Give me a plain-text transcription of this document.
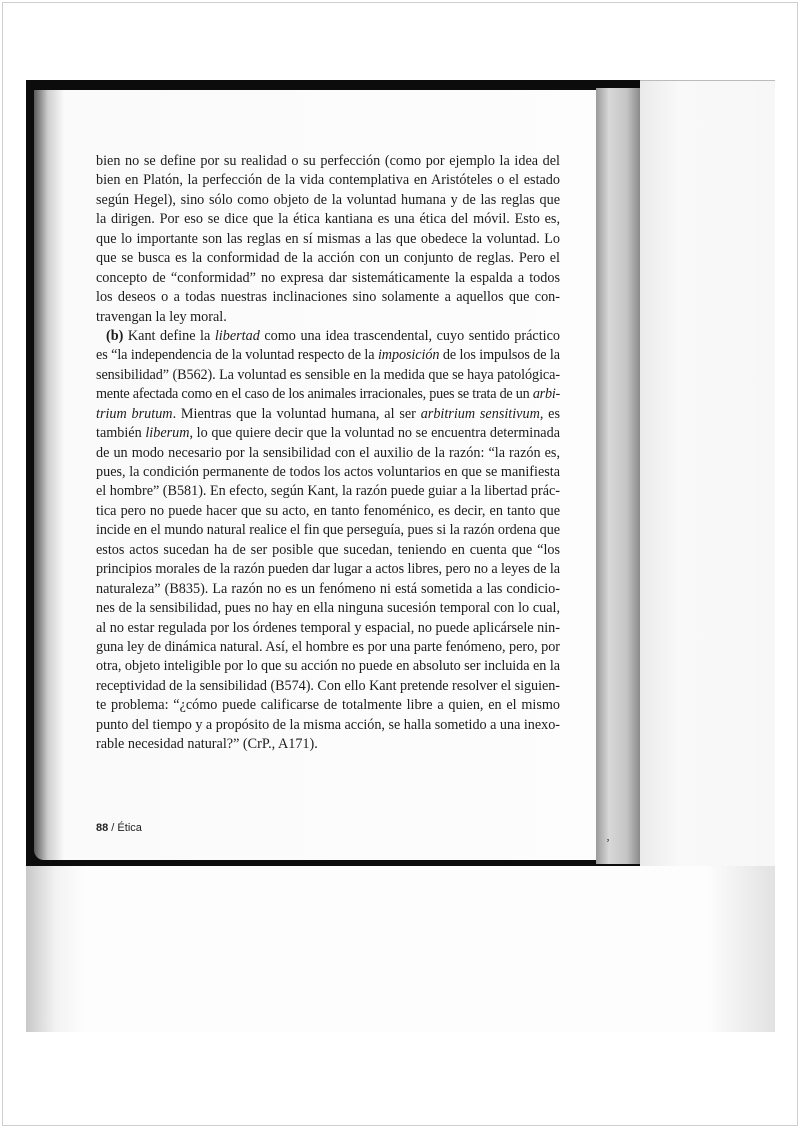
bien no se define por su realidad o su perfección (como por ejemplo la idea del
bien en Platón, la perfección de la vida contemplativa en Aristóteles o el estado
según Hegel), sino sólo como objeto de la voluntad humana y de las reglas que
la dirigen. Por eso se dice que la ética kantiana es una ética del móvil. Esto es,
que lo importante son las reglas en sí mismas a las que obedece la voluntad. Lo
que se busca es la conformidad de la acción con un conjunto de reglas. Pero el
concepto de “conformidad” no expresa dar sistemáticamente la espalda a todos
los deseos o a todas nuestras inclinaciones sino solamente a aquellos que con-
travengan la ley moral.
(b) Kant define la libertad como una idea trascendental, cuyo sentido práctico
es “la independencia de la voluntad respecto de la imposición de los impulsos de la
sensibilidad” (B562). La voluntad es sensible en la medida que se haya patológica-
mente afectada como en el caso de los animales irracionales, pues se trata de un arbi-
trium brutum. Mientras que la voluntad humana, al ser arbitrium sensitivum, es
también liberum, lo que quiere decir que la voluntad no se encuentra determinada
de un modo necesario por la sensibilidad con el auxilio de la razón: “la razón es,
pues, la condición permanente de todos los actos voluntarios en que se manifiesta
el hombre” (B581). En efecto, según Kant, la razón puede guiar a la libertad prác-
tica pero no puede hacer que su acto, en tanto fenoménico, es decir, en tanto que
incide en el mundo natural realice el fin que perseguía, pues si la razón ordena que
estos actos sucedan ha de ser posible que sucedan, teniendo en cuenta que “los
principios morales de la razón pueden dar lugar a actos libres, pero no a leyes de la
naturaleza” (B835). La razón no es un fenómeno ni está sometida a las condicio-
nes de la sensibilidad, pues no hay en ella ninguna sucesión temporal con lo cual,
al no estar regulada por los órdenes temporal y espacial, no puede aplicársele nin-
guna ley de dinámica natural. Así, el hombre es por una parte fenómeno, pero, por
otra, objeto inteligible por lo que su acción no puede en absoluto ser incluida en la
receptividad de la sensibilidad (B574). Con ello Kant pretende resolver el siguien-
te problema: “¿cómo puede calificarse de totalmente libre a quien, en el mismo
punto del tiempo y a propósito de la misma acción, se halla sometido a una inexo-
rable necesidad natural?” (CrP., A171).
88 / Ética
ʼ
